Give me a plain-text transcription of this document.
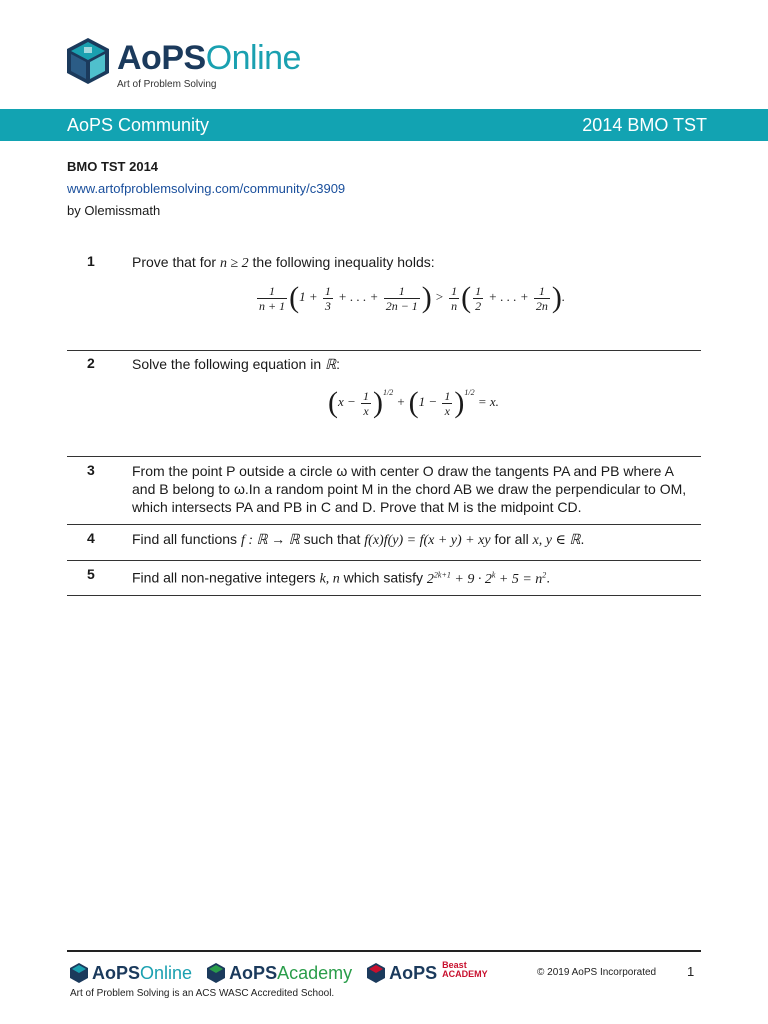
AoPSOnline
Art of Problem Solving
AoPS Community	2014 BMO TST
BMO TST 2014
www.artofproblemsolving.com/community/c3909
by Olemissmath
1	Prove that for n ≥ 2 the following inequality holds:
$\frac{1}{n + 1} (1 + \frac{1}{3}$ + . . . + $\frac{1}{2n - 1}$ ) > $\frac{1}{n}$ ( $\frac{1}{2}$ + . . . + $\frac{1}{2n}$ ).
2	Solve the following equation in ℝ:
$(x - \frac{1}{x} )^{1/2} + (1 - \frac{1}{x} )^{1/2} = x$.
3	From the point P outside a circle ω with center O draw the tangents PA and PB where A and B belong to ω.In a random point M in the chord AB we draw the perpendicular to OM, which intersects PA and PB in C and D. Prove that M is the midpoint CD.
4	Find all functions f : ℝ → ℝ such that f(x)f(y) = f(x + y) + xy for all x, y ∈ ℝ.
5	Find all non-negative integers k, n which satisfy $2^{2k+1} + 9 \cdot 2^k + 5 = n^2$.
AoPSOnline AoPSAcademy AoPS Beast
ACADEMY	© 2019 AoPS Incorporated 1
Art of Problem Solving is an ACS WASC Accredited School.
